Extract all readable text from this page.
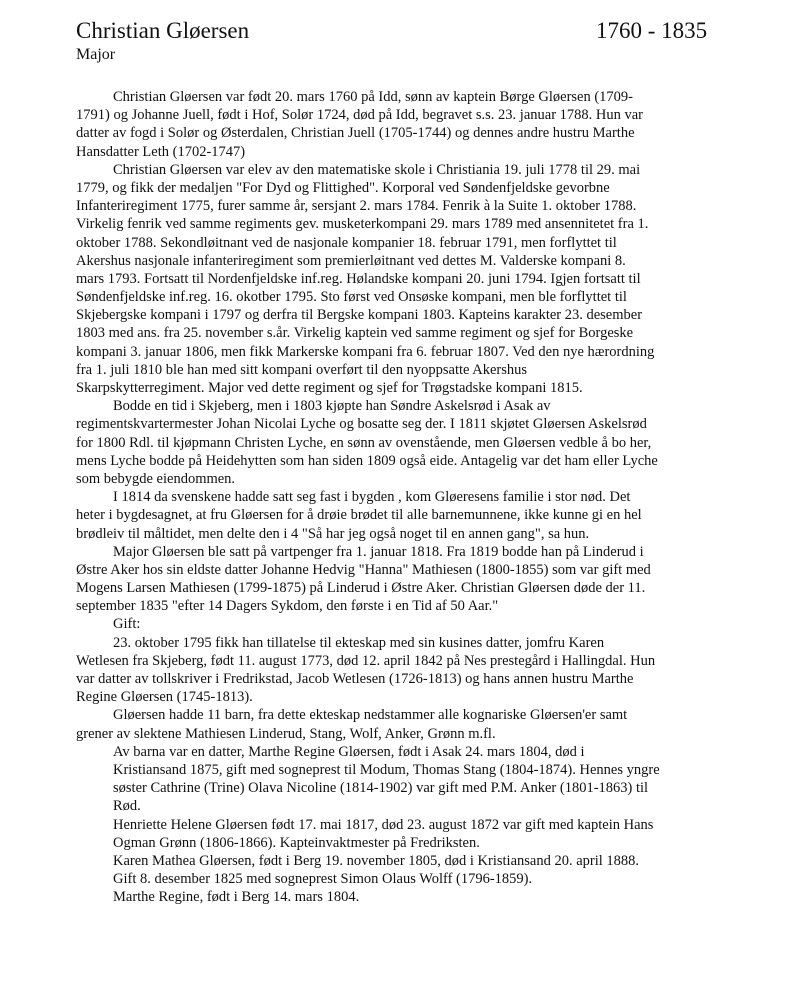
Christian Gløersen	1760 - 1835
Major
Christian Gløersen var født 20. mars 1760 på Idd, sønn av kaptein Børge Gløersen (1709-
1791) og Johanne Juell, født i Hof, Solør 1724, død på Idd, begravet s.s. 23. januar 1788. Hun var
datter av fogd i Solør og Østerdalen, Christian Juell (1705-1744) og dennes andre hustru Marthe
Hansdatter Leth (1702-1747)
Christian Gløersen var elev av den matematiske skole i Christiania 19. juli 1778 til 29. mai
1779, og fikk der medaljen "For Dyd og Flittighed". Korporal ved Søndenfjeldske gevorbne
Infanteriregiment 1775, furer samme år, sersjant 2. mars 1784. Fenrik à la Suite 1. oktober 1788.
Virkelig fenrik ved samme regiments gev. musketerkompani 29. mars 1789 med ansennitetet fra 1.
oktober 1788. Sekondløitnant ved de nasjonale kompanier 18. februar 1791, men forflyttet til
Akershus nasjonale infanteriregiment som premierløitnant ved dettes M. Valderske kompani 8.
mars 1793. Fortsatt til Nordenfjeldske inf.reg. Hølandske kompani 20. juni 1794. Igjen fortsatt til
Søndenfjeldske inf.reg. 16. okotber 1795. Sto først ved Onsøske kompani, men ble forflyttet til
Skjebergske kompani i 1797 og derfra til Bergske kompani 1803. Kapteins karakter 23. desember
1803 med ans. fra 25. november s.år. Virkelig kaptein ved samme regiment og sjef for Borgeske
kompani 3. januar 1806, men fikk Markerske kompani fra 6. februar 1807. Ved den nye hærordning
fra 1. juli 1810 ble han med sitt kompani overført til den nyoppsatte Akershus
Skarpskytterregiment. Major ved dette regiment og sjef for Trøgstadske kompani 1815.
Bodde en tid i Skjeberg, men i 1803 kjøpte han Søndre Askelsrød i Asak av
regimentskvartermester Johan Nicolai Lyche og bosatte seg der. I 1811 skjøtet Gløersen Askelsrød
for 1800 Rdl. til kjøpmann Christen Lyche, en sønn av ovenstående, men Gløersen vedble å bo her,
mens Lyche bodde på Heidehytten som han siden 1809 også eide. Antagelig var det ham eller Lyche
som bebygde eiendommen.
I 1814 da svenskene hadde satt seg fast i bygden , kom Gløeresens familie i stor nød. Det
heter i bygdesagnet, at fru Gløersen for å drøie brødet til alle barnemunnene, ikke kunne gi en hel
brødleiv til måltidet, men delte den i 4 "Så har jeg også noget til en annen gang", sa hun.
Major Gløersen ble satt på vartpenger fra 1. januar 1818. Fra 1819 bodde han på Linderud i
Østre Aker hos sin eldste datter Johanne Hedvig "Hanna" Mathiesen (1800-1855) som var gift med
Mogens Larsen Mathiesen (1799-1875) på Linderud i Østre Aker. Christian Gløersen døde der 11.
september 1835 "efter 14 Dagers Sykdom, den første i en Tid af 50 Aar."
Gift:
23. oktober 1795 fikk han tillatelse til ekteskap med sin kusines datter, jomfru Karen
Wetlesen fra Skjeberg, født 11. august 1773, død 12. april 1842 på Nes prestegård i Hallingdal. Hun
var datter av tollskriver i Fredrikstad, Jacob Wetlesen (1726-1813) og hans annen hustru Marthe
Regine Gløersen (1745-1813).
Gløersen hadde 11 barn, fra dette ekteskap nedstammer alle kognariske Gløersen'er samt
grener av slektene Mathiesen Linderud, Stang, Wolf, Anker, Grønn m.fl.
Av barna var en datter, Marthe Regine Gløersen, født i Asak 24. mars 1804, død i
Kristiansand 1875, gift med sogneprest til Modum, Thomas Stang (1804-1874). Hennes yngre
søster Cathrine (Trine) Olava Nicoline (1814-1902) var gift med P.M. Anker (1801-1863) til
Rød.
Henriette Helene Gløersen født 17. mai 1817, død 23. august 1872 var gift med kaptein Hans
Ogman Grønn (1806-1866). Kapteinvaktmester på Fredriksten.
Karen Mathea Gløersen, født i Berg 19. november 1805, død i Kristiansand 20. april 1888.
Gift 8. desember 1825 med sogneprest Simon Olaus Wolff (1796-1859).
Marthe Regine, født i Berg 14. mars 1804.
